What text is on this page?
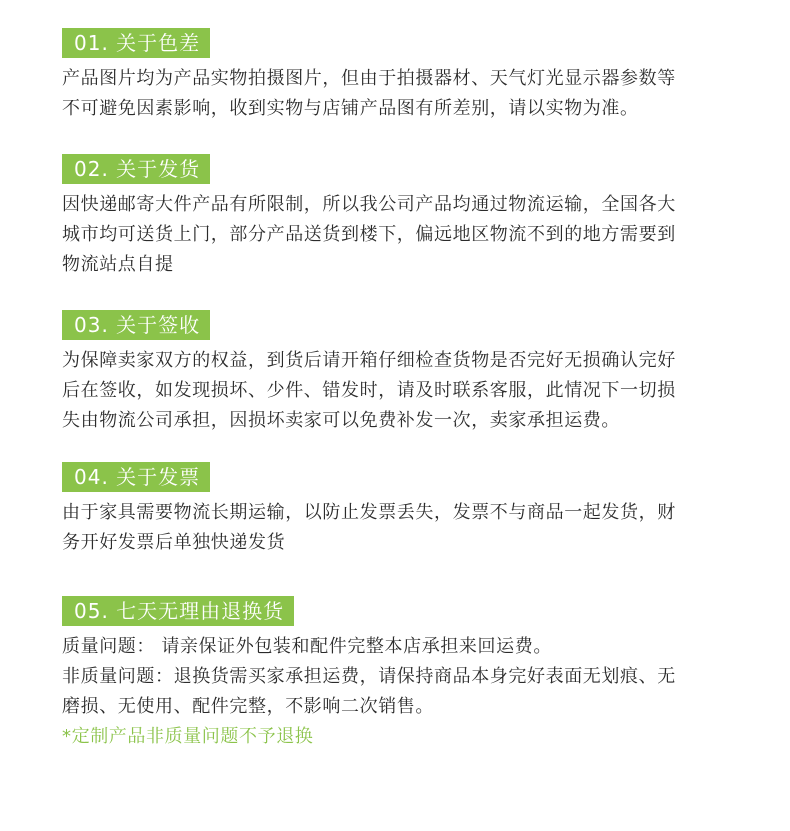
01. 关于色差

产品图片均为产品实物拍摄图片，但由于拍摄器材、天气灯光显示器参数等

不可避免因素影响，收到实物与店铺产品图有所差别，请以实物为准。

02. 关于发货

因快递邮寄大件产品有所限制，所以我公司产品均通过物流运输，全国各大

城市均可送货上门，部分产品送货到楼下，偏远地区物流不到的地方需要到

物流站点自提

03. 关于签收

为保障卖家双方的权益，到货后请开箱仔细检查货物是否完好无损确认完好

后在签收，如发现损坏、少件、错发时，请及时联系客服，此情况下一切损

失由物流公司承担，因损坏卖家可以免费补发一次，卖家承担运费。

04. 关于发票

由于家具需要物流长期运输，以防止发票丢失，发票不与商品一起发货，财

务开好发票后单独快递发货

05. 七天无理由退换货

质量问题： 请亲保证外包装和配件完整本店承担来回运费。

非质量问题：退换货需买家承担运费，请保持商品本身完好表面无划痕、无

磨损、无使用、配件完整，不影响二次销售。

*定制产品非质量问题不予退换
